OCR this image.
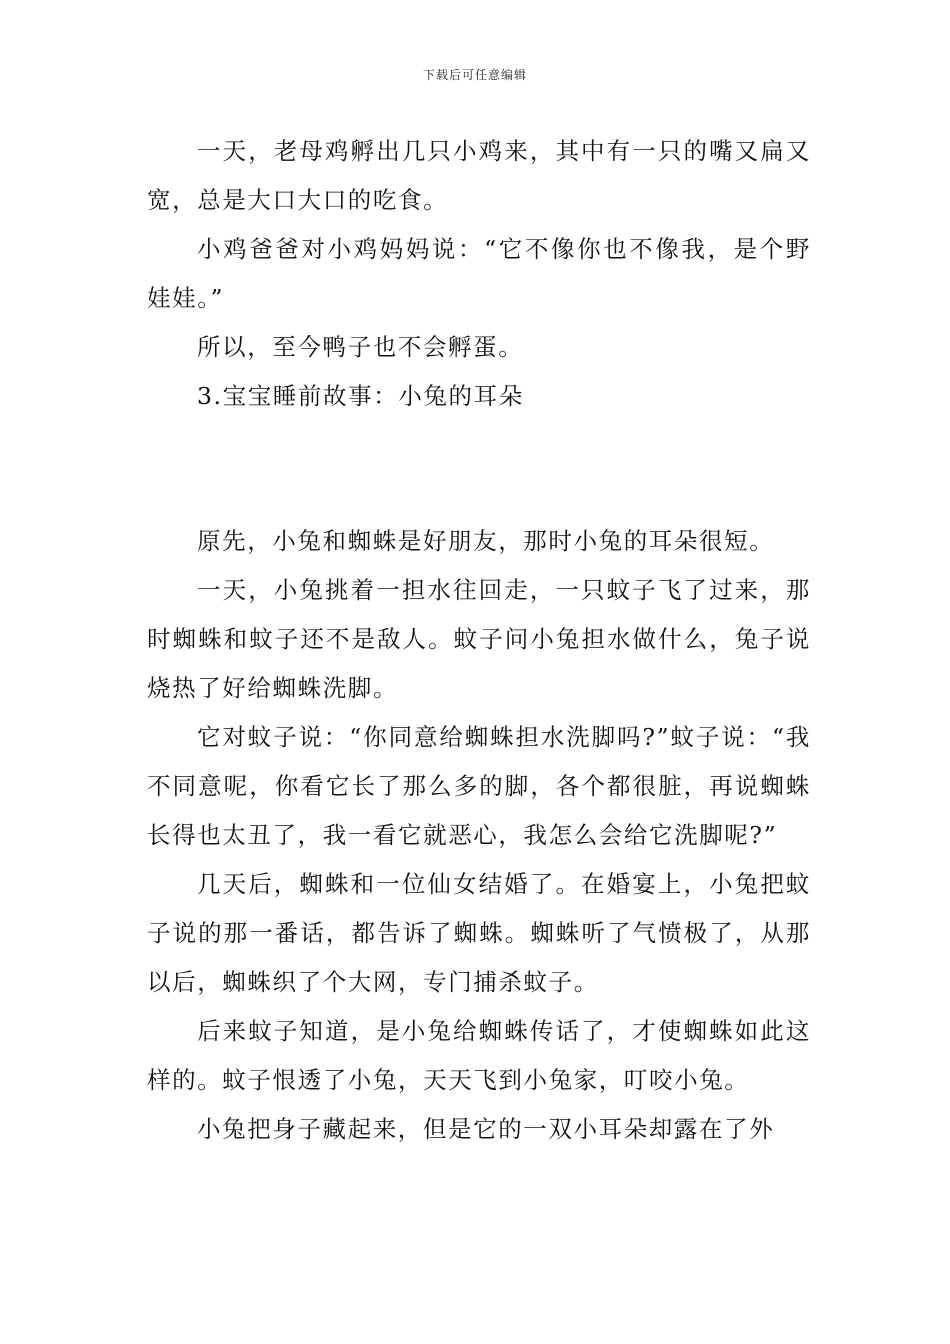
下载后可任意编辑

一天，老母鸡孵出几只小鸡来，其中有一只的嘴又扁又宽，总是大口大口的吃食。

小鸡爸爸对小鸡妈妈说：“它不像你也不像我，是个野娃娃。”

所以，至今鸭子也不会孵蛋。

3.宝宝睡前故事：小兔的耳朵

原先，小兔和蜘蛛是好朋友，那时小兔的耳朵很短。

一天，小兔挑着一担水往回走，一只蚊子飞了过来，那时蜘蛛和蚊子还不是敌人。蚊子问小兔担水做什么，兔子说烧热了好给蜘蛛洗脚。

它对蚊子说：“你同意给蜘蛛担水洗脚吗?”蚊子说：“我不同意呢，你看它长了那么多的脚，各个都很脏，再说蜘蛛长得也太丑了，我一看它就恶心，我怎么会给它洗脚呢?”

几天后，蜘蛛和一位仙女结婚了。在婚宴上，小兔把蚊子说的那一番话，都告诉了蜘蛛。蜘蛛听了气愤极了，从那以后，蜘蛛织了个大网，专门捕杀蚊子。

后来蚊子知道，是小兔给蜘蛛传话了，才使蜘蛛如此这样的。蚊子恨透了小兔，天天飞到小兔家，叮咬小兔。

小兔把身子藏起来，但是它的一双小耳朵却露在了外
